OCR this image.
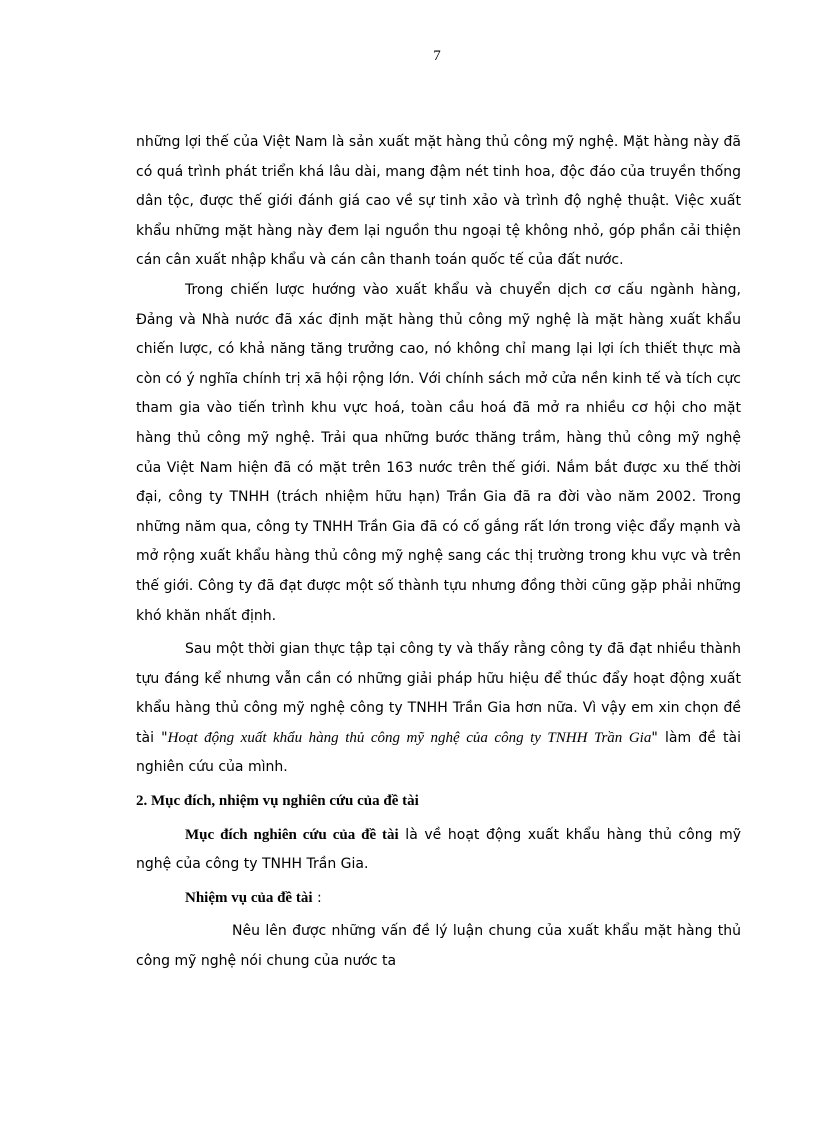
7

những lợi thế của Việt Nam là sản xuất mặt hàng thủ công mỹ nghệ. Mặt hàng này đã có quá trình phát triển khá lâu dài, mang đậm nét tinh hoa, độc đáo của truyền thống dân tộc, được thế giới đánh giá cao về sự tinh xảo và trình độ nghệ thuật. Việc xuất khẩu những mặt hàng này đem lại nguồn thu ngoại tệ không nhỏ, góp phần cải thiện cán cân xuất nhập khẩu và cán cân thanh toán quốc tế của đất nước.

Trong chiến lược hướng vào xuất khẩu và chuyển dịch cơ cấu ngành hàng, Đảng và Nhà nước đã xác định mặt hàng thủ công mỹ nghệ là mặt hàng xuất khẩu chiến lược, có khả năng tăng trưởng cao, nó không chỉ mang lại lợi ích thiết thực mà còn có ý nghĩa chính trị xã hội rộng lớn. Với chính sách mở cửa nền kinh tế và tích cực tham gia vào tiến trình khu vực hoá, toàn cầu hoá đã mở ra nhiều cơ hội cho mặt hàng thủ công mỹ nghệ. Trải qua những bước thăng trầm, hàng thủ công mỹ nghệ của Việt Nam hiện đã có mặt trên 163 nước trên thế giới. Nắm bắt được xu thế thời đại, công ty TNHH (trách nhiệm hữu hạn) Trần Gia đã ra đời vào năm 2002. Trong những năm qua, công ty TNHH Trần Gia đã có cố gắng rất lớn trong việc đẩy mạnh và mở rộng xuất khẩu hàng thủ công mỹ nghệ sang các thị trường trong khu vực và trên thế giới. Công ty đã đạt được một số thành tựu nhưng đồng thời cũng gặp phải những khó khăn nhất định.

Sau một thời gian thực tập tại công ty và thấy rằng công ty đã đạt nhiều thành tựu đáng kể nhưng vẫn cần có những giải pháp hữu hiệu để thúc đẩy hoạt động xuất khẩu hàng thủ công mỹ nghệ công ty TNHH Trần Gia hơn nữa. Vì vậy em xin chọn đề tài "Hoạt động xuất khẩu hàng thủ công mỹ nghệ của công ty TNHH Trần Gia" làm đề tài nghiên cứu của mình.

2. Mục đích, nhiệm vụ nghiên cứu của đề tài

Mục đích nghiên cứu của đề tài là về hoạt động xuất khẩu hàng thủ công mỹ nghệ của công ty TNHH Trần Gia.

Nhiệm vụ của đề tài :

Nêu lên được những vấn đề lý luận chung của xuất khẩu mặt hàng thủ công mỹ nghệ nói chung của nước ta
